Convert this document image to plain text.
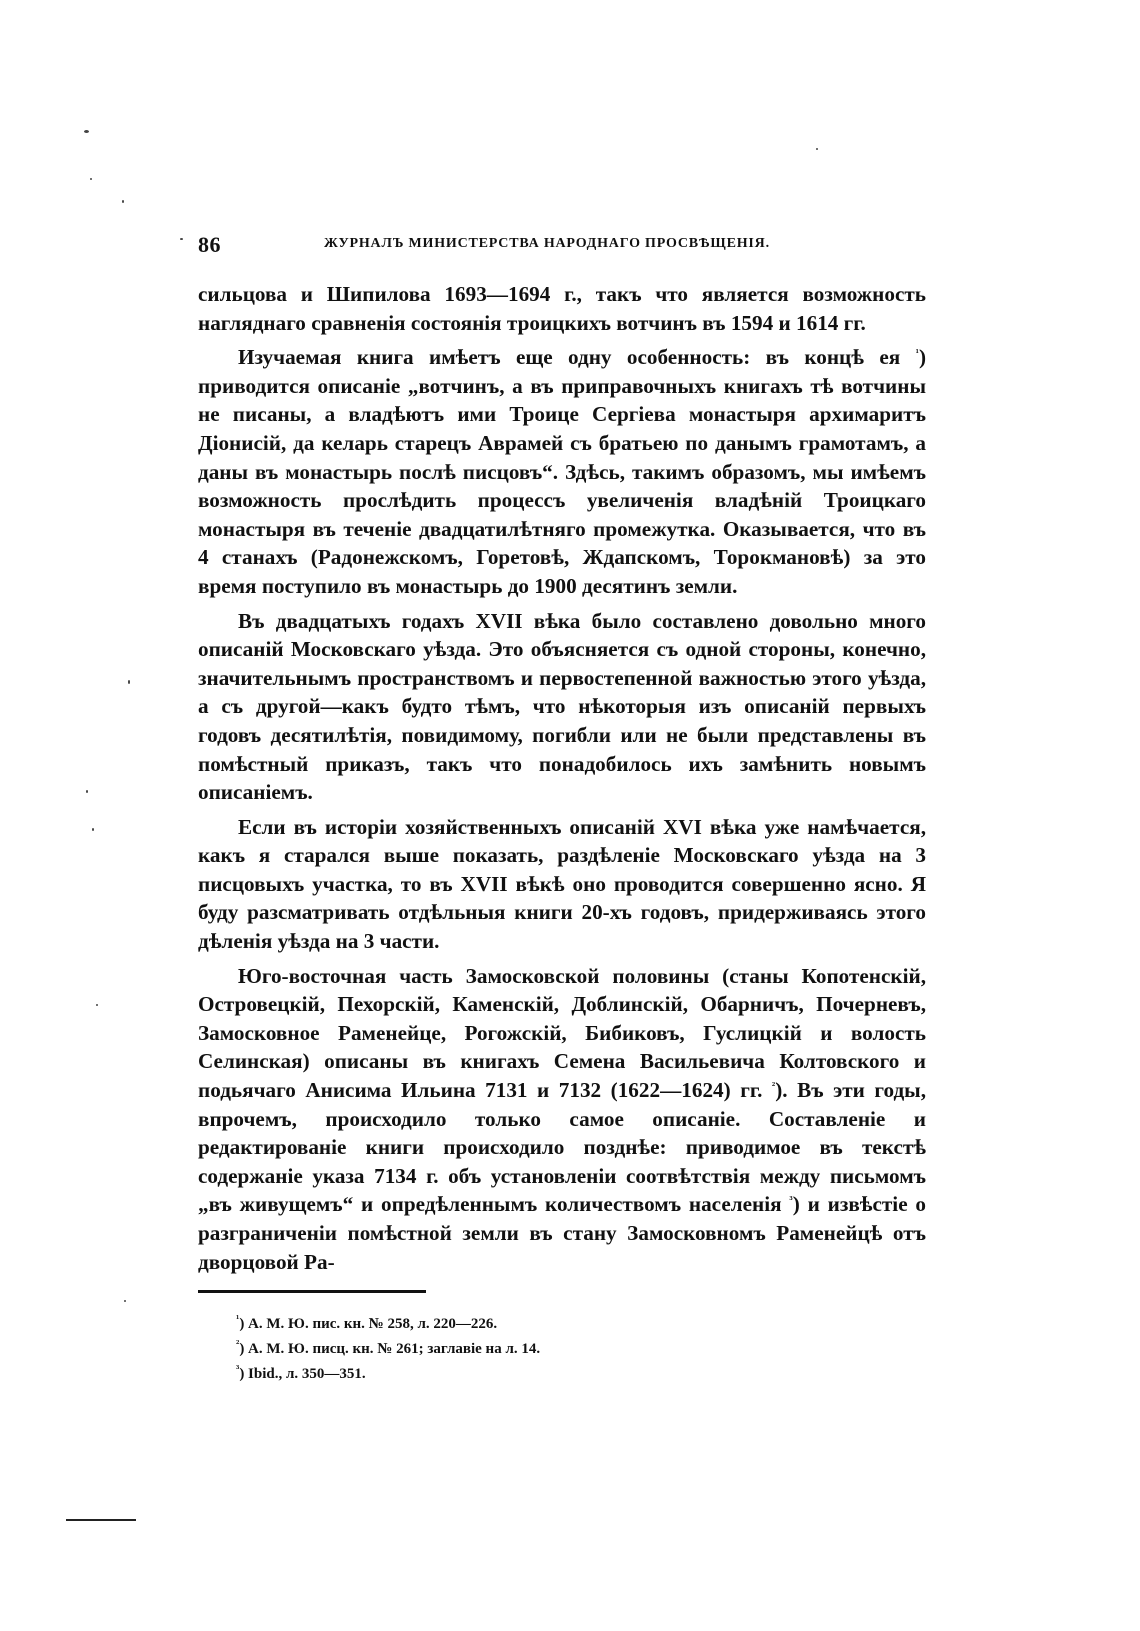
86	ЖУРНАЛЪ МИНИСТЕРСТВА НАРОДНАГО ПРОСВѢЩЕНІЯ.

сильцова и Шипилова 1693—1694 г., такъ что является возможность нагляднаго сравненія состоянія троицкихъ вотчинъ въ 1594 и 1614 гг.

Изучаемая книга имѣетъ еще одну особенность: въ концѣ ея $^{^1}$) приводится описаніе „вотчинъ, а въ приправочныхъ книгахъ тѣ вотчины не писаны, а владѣютъ ими Троице Сергіева монастыря архимаритъ Діонисій, да келарь старецъ Аврамей съ братьею по данымъ грамотамъ, а даны въ монастырь послѣ писцовъ“. Здѣсь, такимъ образомъ, мы имѣемъ возможность прослѣдить процессъ увеличенія владѣній Троицкаго монастыря въ теченіе двадцатилѣтняго промежутка. Оказывается, что въ 4 станахъ (Радонежскомъ, Горетовѣ, Ждапскомъ, Торокмановѣ) за это время поступило въ монастырь до 1900 десятинъ земли.

Въ двадцатыхъ годахъ XVII вѣка было составлено довольно много описаній Московскаго уѣзда. Это объясняется съ одной стороны, конечно, значительнымъ пространствомъ и первостепенной важностью этого уѣзда, а съ другой—какъ будто тѣмъ, что нѣкоторыя изъ описаній первыхъ годовъ десятилѣтія, повидимому, погибли или не были представлены въ помѣстный приказъ, такъ что понадобилось ихъ замѣнить новымъ описаніемъ.

Если въ исторіи хозяйственныхъ описаній XVI вѣка уже намѣчается, какъ я старался выше показать, раздѣленіе Московскаго уѣзда на 3 писцовыхъ участка, то въ XVII вѣкѣ оно проводится совершенно ясно. Я буду разсматривать отдѣльныя книги 20-хъ годовъ, придерживаясь этого дѣленія уѣзда на 3 части.

Юго-восточная часть Замосковской половины (станы Копотенскій, Островецкій, Пехорскій, Каменскій, Доблинскій, Обарничъ, Почерневъ, Замосковное Раменейце, Рогожскій, Бибиковъ, Гуслицкій и волость Селинская) описаны въ книгахъ Семена Васильевича Колтовского и подьячаго Анисима Ильина 7131 и 7132 (1622—1624) гг. $^{^2}$). Въ эти годы, впрочемъ, происходило только самое описаніе. Составленіе и редактированіе книги происходило позднѣе: приводимое въ текстѣ содержаніе указа 7134 г. объ установленіи соотвѣтствія между письмомъ „въ живущемъ“ и опредѣленнымъ количествомъ населенія $^{^3}$) и извѣстіе о разграниченіи помѣстной земли въ стану Замосковномъ Раменейцѣ отъ дворцовой Ра-

$^{^1}$) А. М. Ю. пис. кн. № 258, л. 220—226.
$^{^2}$) А. М. Ю. писц. кн. № 261; заглавіе на л. 14.
$^{^3}$) Ibid., л. 350—351.
